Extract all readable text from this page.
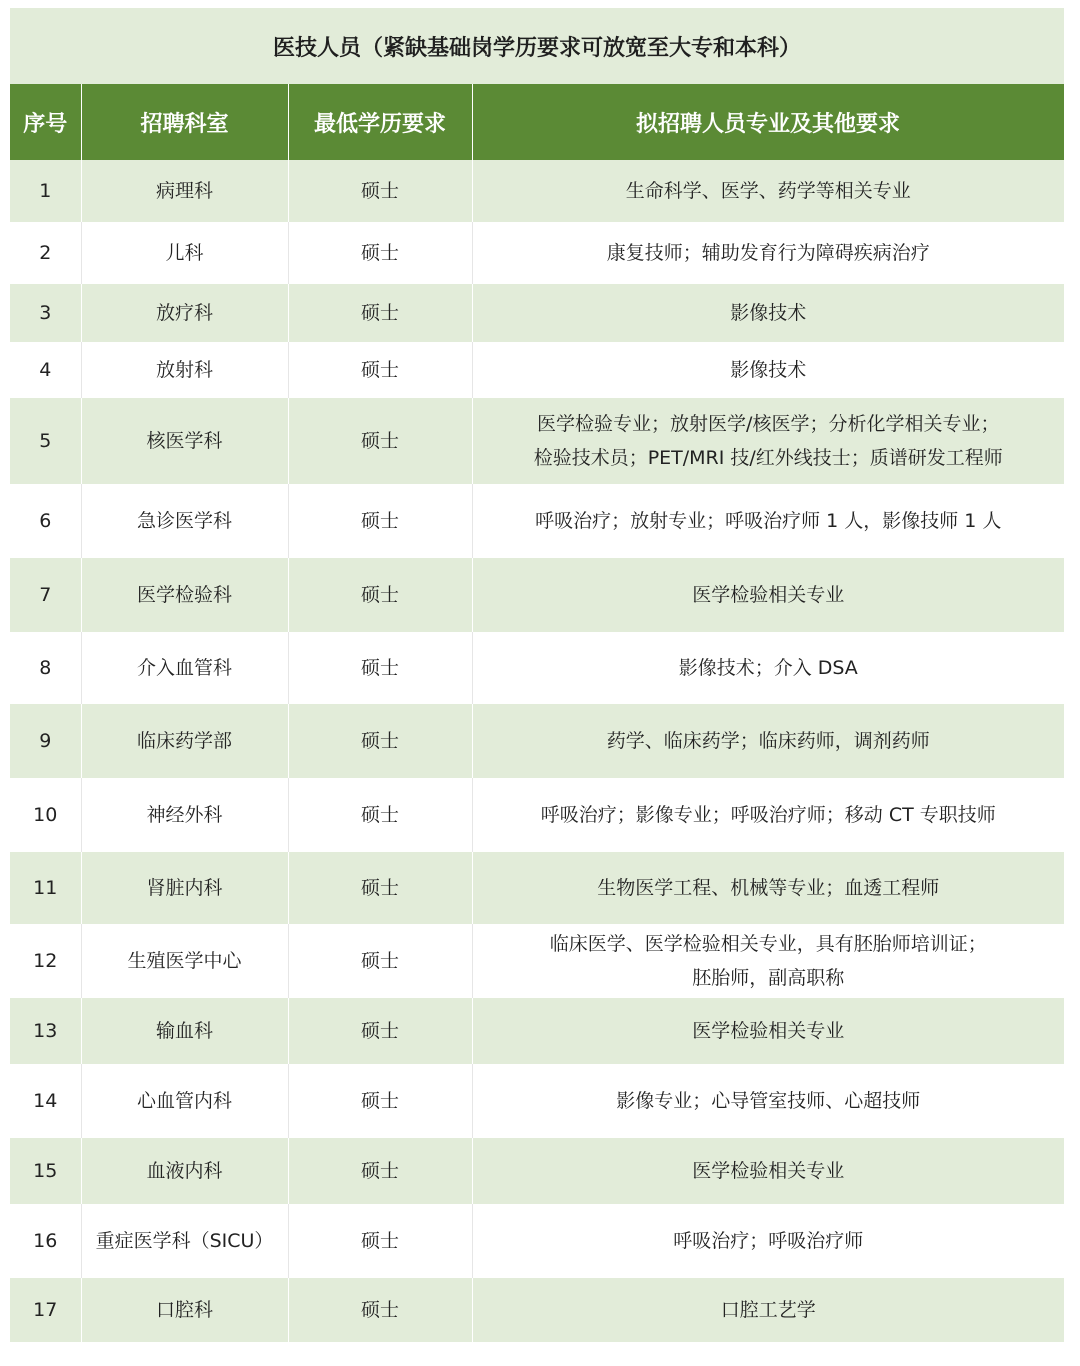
医技人员（紧缺基础岗学历要求可放宽至大专和本科）			
序号	招聘科室	最低学历要求	拟招聘人员专业及其他要求
1	病理科	硕士	生命科学、医学、药学等相关专业

2	儿科	硕士	康复技师；辅助发育行为障碍疾病治疗

3	放疗科	硕士	影像技术

4	放射科	硕士	影像技术

5	核医学科	硕士	医学检验专业；放射医学/核医学；分析化学相关专业；
检验技术员；PET/MRI 技/红外线技士；质谱研发工程师

6	急诊医学科	硕士	呼吸治疗；放射专业；呼吸治疗师 1 人，影像技师 1 人

7	医学检验科	硕士	医学检验相关专业

8	介入血管科	硕士	影像技术；介入 DSA

9	临床药学部	硕士	药学、临床药学；临床药师，调剂药师

10	神经外科	硕士	呼吸治疗；影像专业；呼吸治疗师；移动 CT 专职技师

11	肾脏内科	硕士	生物医学工程、机械等专业；血透工程师

12	生殖医学中心	硕士	临床医学、医学检验相关专业，具有胚胎师培训证；
胚胎师，副高职称

13	输血科	硕士	医学检验相关专业

14	心血管内科	硕士	影像专业；心导管室技师、心超技师

15	血液内科	硕士	医学检验相关专业

16	重症医学科（SICU）	硕士	呼吸治疗；呼吸治疗师

17	口腔科	硕士	口腔工艺学
